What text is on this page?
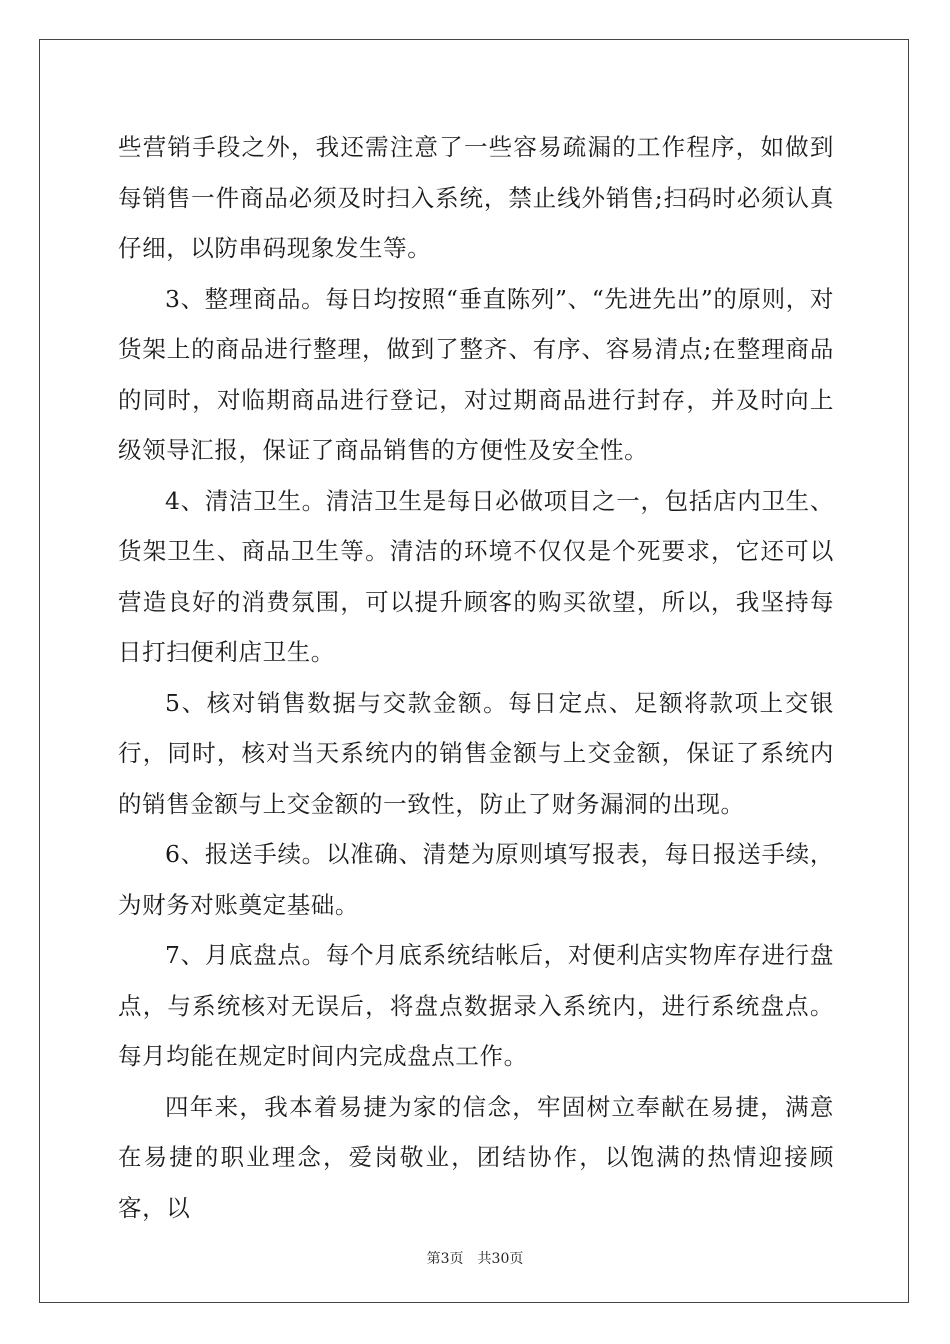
些营销手段之外，我还需注意了一些容易疏漏的工作程序，如做到每销售一件商品必须及时扫入系统，禁止线外销售;扫码时必须认真仔细，以防串码现象发生等。

3、整理商品。每日均按照“垂直陈列”、“先进先出”的原则，对货架上的商品进行整理，做到了整齐、有序、容易清点;在整理商品的同时，对临期商品进行登记，对过期商品进行封存，并及时向上级领导汇报，保证了商品销售的方便性及安全性。

4、清洁卫生。清洁卫生是每日必做项目之一，包括店内卫生、货架卫生、商品卫生等。清洁的环境不仅仅是个死要求，它还可以营造良好的消费氛围，可以提升顾客的购买欲望，所以，我坚持每日打扫便利店卫生。

5、核对销售数据与交款金额。每日定点、足额将款项上交银行，同时，核对当天系统内的销售金额与上交金额，保证了系统内的销售金额与上交金额的一致性，防止了财务漏洞的出现。

6、报送手续。以准确、清楚为原则填写报表，每日报送手续，为财务对账奠定基础。

7、月底盘点。每个月底系统结帐后，对便利店实物库存进行盘点，与系统核对无误后，将盘点数据录入系统内，进行系统盘点。每月均能在规定时间内完成盘点工作。

四年来，我本着易捷为家的信念，牢固树立奉献在易捷，满意在易捷的职业理念，爱岗敬业，团结协作，以饱满的热情迎接顾客，以

第3页　共30页
